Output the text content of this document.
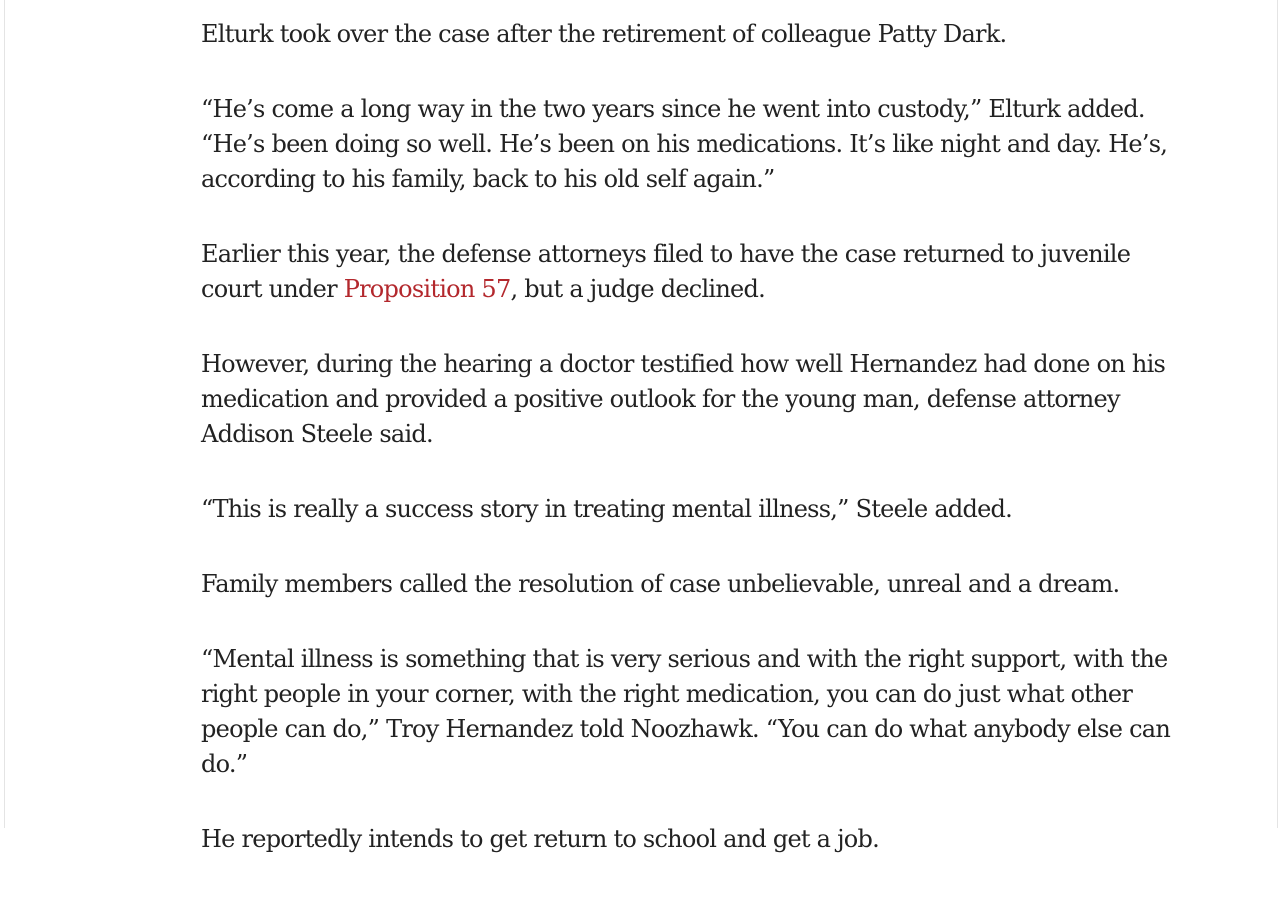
Elturk took over the case after the retirement of colleague Patty Dark.

“He’s come a long way in the two years since he went into custody,” Elturk added. “He’s been doing so well. He’s been on his medications. It’s like night and day. He’s, according to his family, back to his old self again.”

Earlier this year, the defense attorneys filed to have the case returned to juvenile court under Proposition 57, but a judge declined.

However, during the hearing a doctor testified how well Hernandez had done on his medication and provided a positive outlook for the young man, defense attorney Addison Steele said.

“This is really a success story in treating mental illness,” Steele added.

Family members called the resolution of case unbelievable, unreal and a dream.

“Mental illness is something that is very serious and with the right support, with the right people in your corner, with the right medication, you can do just what other people can do,” Troy Hernandez told Noozhawk. “You can do what anybody else can do.”

He reportedly intends to get return to school and get a job.
